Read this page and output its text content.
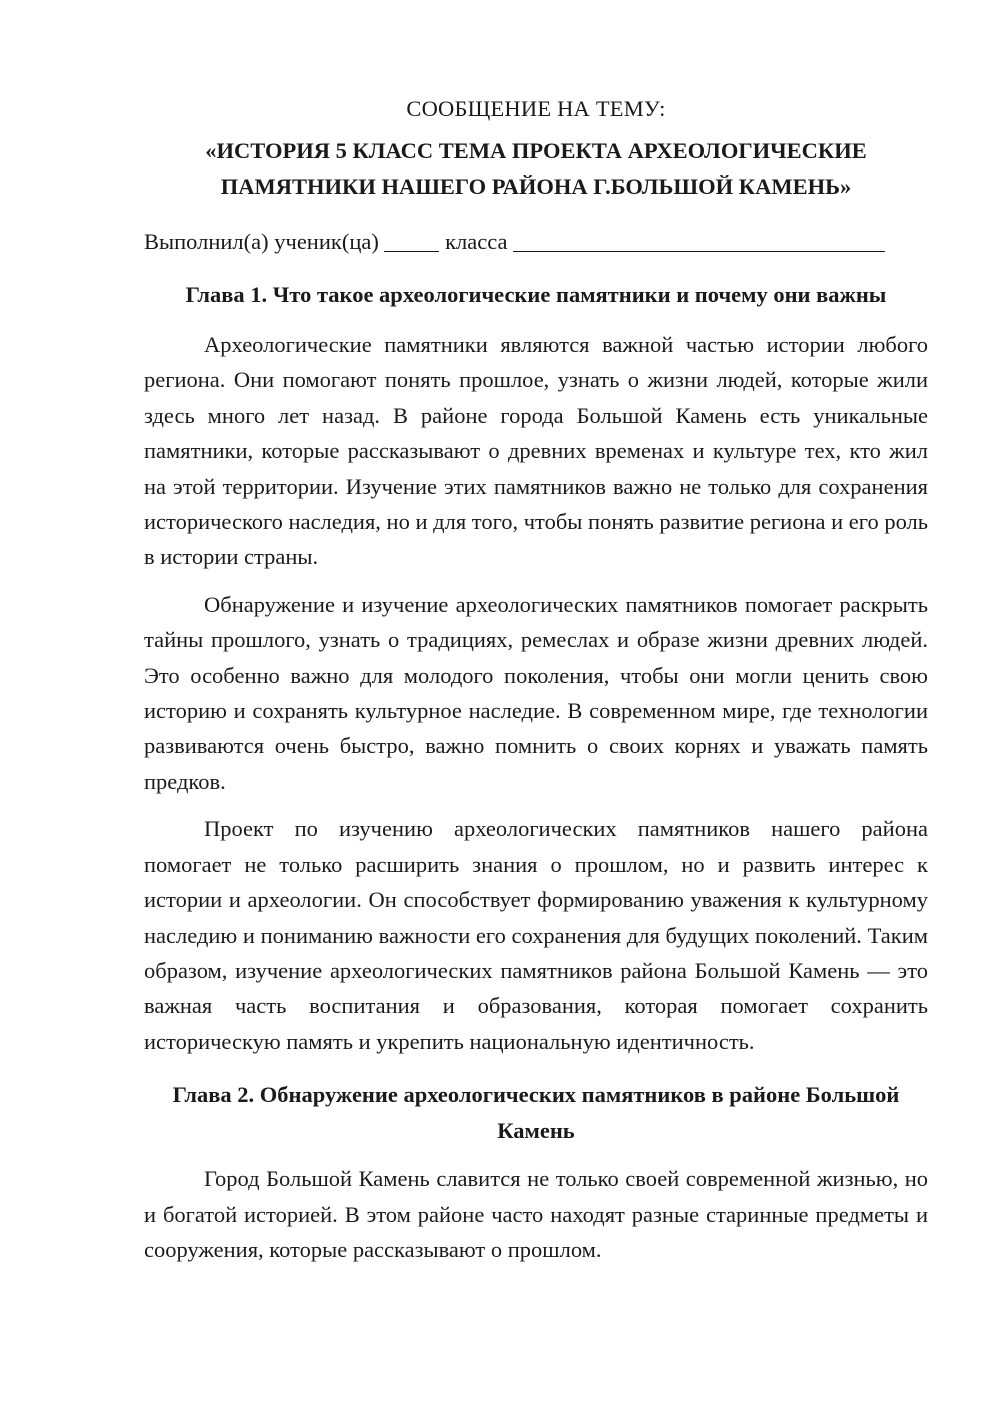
СООБЩЕНИЕ НА ТЕМУ:
«ИСТОРИЯ 5 КЛАСС ТЕМА ПРОЕКТА АРХЕОЛОГИЧЕСКИЕ
ПАМЯТНИКИ НАШЕГО РАЙОНА Г.БОЛЬШОЙ КАМЕНЬ»
Выполнил(а) ученик(ца)	класса
Глава 1. Что такое археологические памятники и почему они важны

Археологические памятники являются важной частью истории любого региона. Они помогают понять прошлое, узнать о жизни людей, которые жили здесь много лет назад. В районе города Большой Камень есть уникальные памятники, которые рассказывают о древних временах и культуре тех, кто жил на этой территории. Изучение этих памятников важно не только для сохранения исторического наследия, но и для того, чтобы понять развитие региона и его роль в истории страны.

Обнаружение и изучение археологических памятников помогает раскрыть тайны прошлого, узнать о традициях, ремеслах и образе жизни древних людей. Это особенно важно для молодого поколения, чтобы они могли ценить свою историю и сохранять культурное наследие. В современном мире, где технологии развиваются очень быстро, важно помнить о своих корнях и уважать память предков.

Проект по изучению археологических памятников нашего района помогает не только расширить знания о прошлом, но и развить интерес к истории и археологии. Он способствует формированию уважения к культурному наследию и пониманию важности его сохранения для будущих поколений. Таким образом, изучение археологических памятников района Большой Камень — это важная часть воспитания и образования, которая помогает сохранить историческую память и укрепить национальную идентичность.

Глава 2. Обнаружение археологических памятников в районе Большой
Камень

Город Большой Камень славится не только своей современной жизнью, но и богатой историей. В этом районе часто находят разные старинные предметы и сооружения, которые рассказывают о прошлом.
